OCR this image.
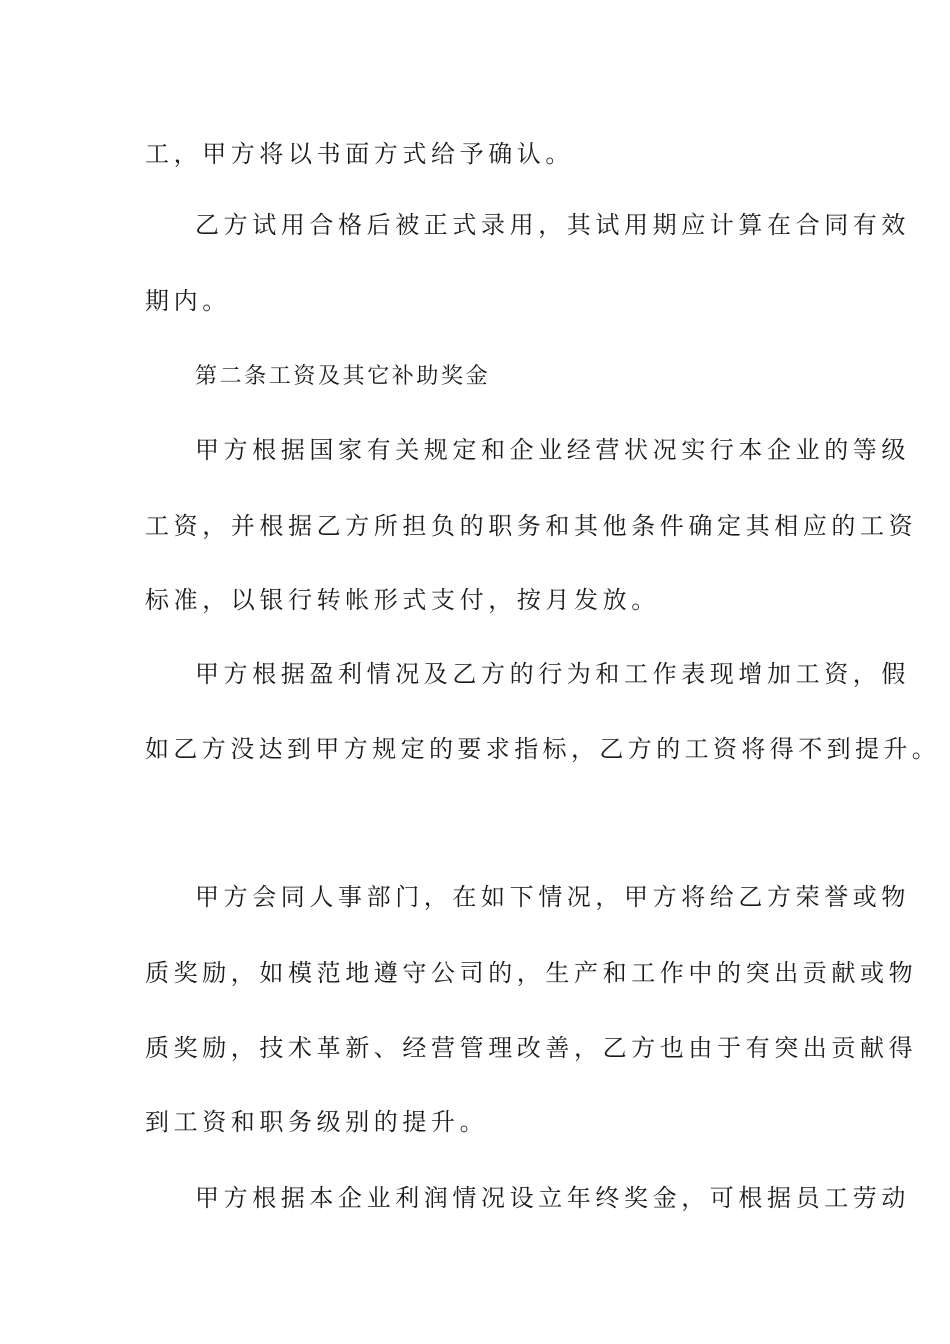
工，甲方将以书面方式给予确认。

乙方试用合格后被正式录用，其试用期应计算在合同有效

期内。

第二条工资及其它补助奖金

甲方根据国家有关规定和企业经营状况实行本企业的等级

工资，并根据乙方所担负的职务和其他条件确定其相应的工资

标准，以银行转帐形式支付，按月发放。

甲方根据盈利情况及乙方的行为和工作表现增加工资，假

如乙方没达到甲方规定的要求指标，乙方的工资将得不到提升。

甲方会同人事部门，在如下情况，甲方将给乙方荣誉或物

质奖励，如模范地遵守公司的，生产和工作中的突出贡献或物

质奖励，技术革新、经营管理改善，乙方也由于有突出贡献得

到工资和职务级别的提升。

甲方根据本企业利润情况设立年终奖金，可根据员工劳动
